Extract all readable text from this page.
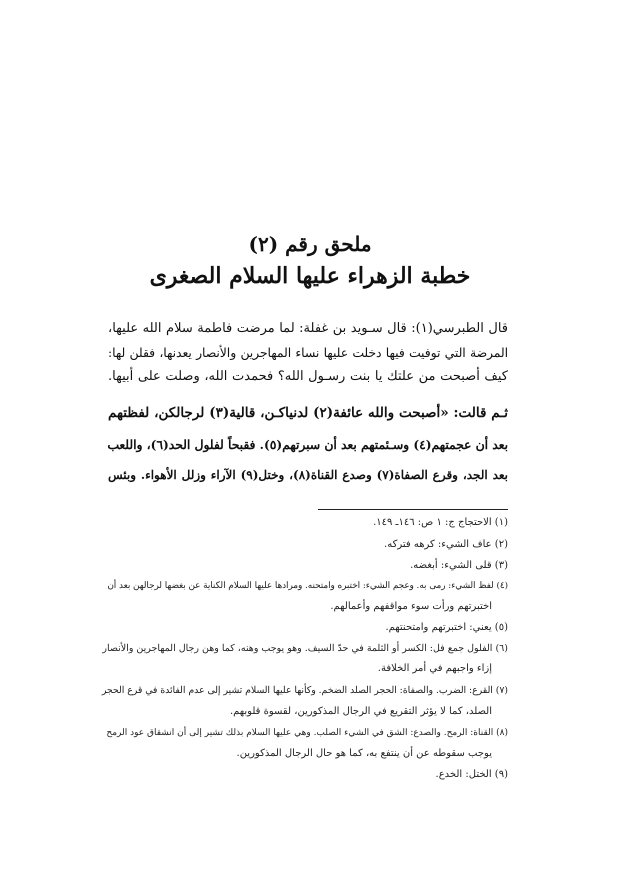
ملحق رقم (٢)
خطبة الزهراء عليها السلام الصغرى

قال الطبرسي(١): قال سـويد بن غفلة: لما مرضت فاطمة سلام الله عليها،

المرضة التي توفيت فيها دخلت عليها نساء المهاجرين والأنصار يعدنها، فقلن لها:

كيف أصبحت من علتك يا بنت رسـول الله؟ فحمدت الله، وصلت على أبيها.

ثـم قالت: «أصبحت والله عائفة(٢) لدنياكـن، قالية(٣) لرجالكن، لفظتهم

بعد أن عجمتهم(٤) وسـئمتهم بعد أن سبرتهم(٥). فقبحاً لفلول الحد(٦)، واللعب

بعد الجد، وقرع الصفاة(٧) وصدع القناة(٨)، وختل(٩) الآراء وزلل الأهواء. وبئس

(١) الاحتجاج ج: ١ ص: ١٤٦ـ ١٤٩.

(٢) عاف الشيء: كرهه فتركه.

(٣) قلى الشيء: أبغضه.

(٤) لفظ الشيء: رمى به. وعجم الشيء: اختبره وامتحنه. ومرادها عليها السلام الكناية عن بغضها لرجالهن بعد أن

اختبرتهم ورأت سوء مواقفهم وأعمالهم.

(٥) يعني: اختبرتهم وامتحنتهم.

(٦) الفلول جمع فل: الكسر أو الثلمة في حدّ السيف. وهو يوجب وهنه، كما وهن رجال المهاجرين والأنصار

إزاء واجبهم في أمر الخلافة.

(٧) القرع: الضرب. والصفاة: الحجر الصلد الضخم. وكأنها عليها السلام تشير إلى عدم الفائدة في قرع الحجر

الصلد، كما لا يؤثر التقريع في الرجال المذكورين، لقسوة قلوبهم.

(٨) القناة: الرمح. والصدع: الشق في الشيء الصلب. وهي عليها السلام بذلك تشير إلى أن انشقاق عود الرمح

يوجب سقوطه عن أن ينتفع به، كما هو حال الرجال المذكورين.

(٩) الختل: الخدع.
